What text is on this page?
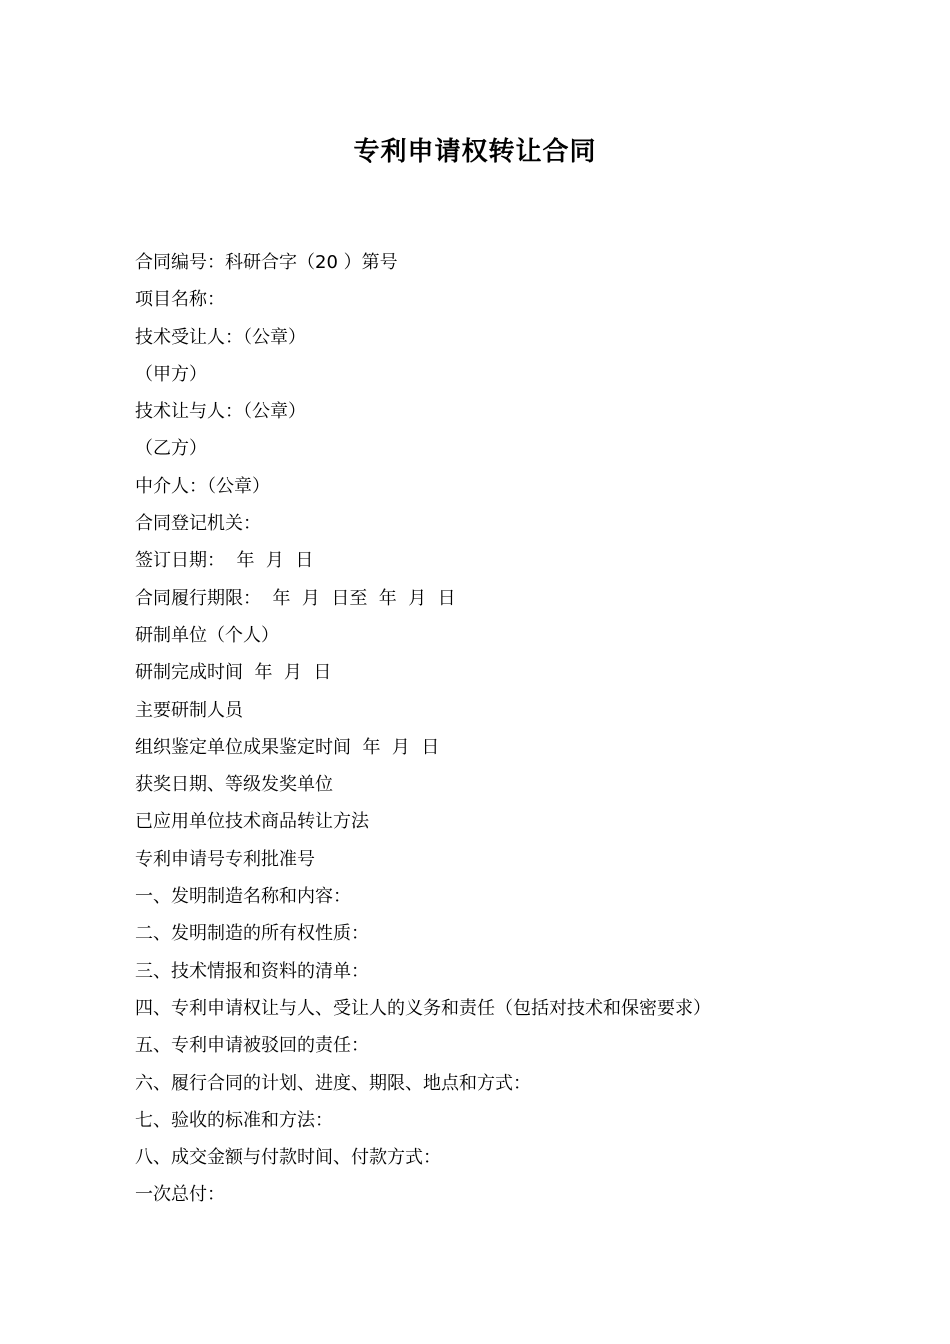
专利申请权转让合同
合同编号：科研合字（20 ）第号
项目名称：
技术受让人：（公章）
（甲方）
技术让与人：（公章）
（乙方）
中介人：（公章）
合同登记机关：
签订日期：  年  月  日
合同履行期限：  年  月  日至  年  月  日
研制单位（个人）
研制完成时间  年  月  日
主要研制人员
组织鉴定单位成果鉴定时间  年  月  日
获奖日期、等级发奖单位
已应用单位技术商品转让方法
专利申请号专利批准号
一、发明制造名称和内容：
二、发明制造的所有权性质：
三、技术情报和资料的清单：
四、专利申请权让与人、受让人的义务和责任（包括对技术和保密要求）
五、专利申请被驳回的责任：
六、履行合同的计划、进度、期限、地点和方式：
七、验收的标准和方法：
八、成交金额与付款时间、付款方式：
一次总付：
